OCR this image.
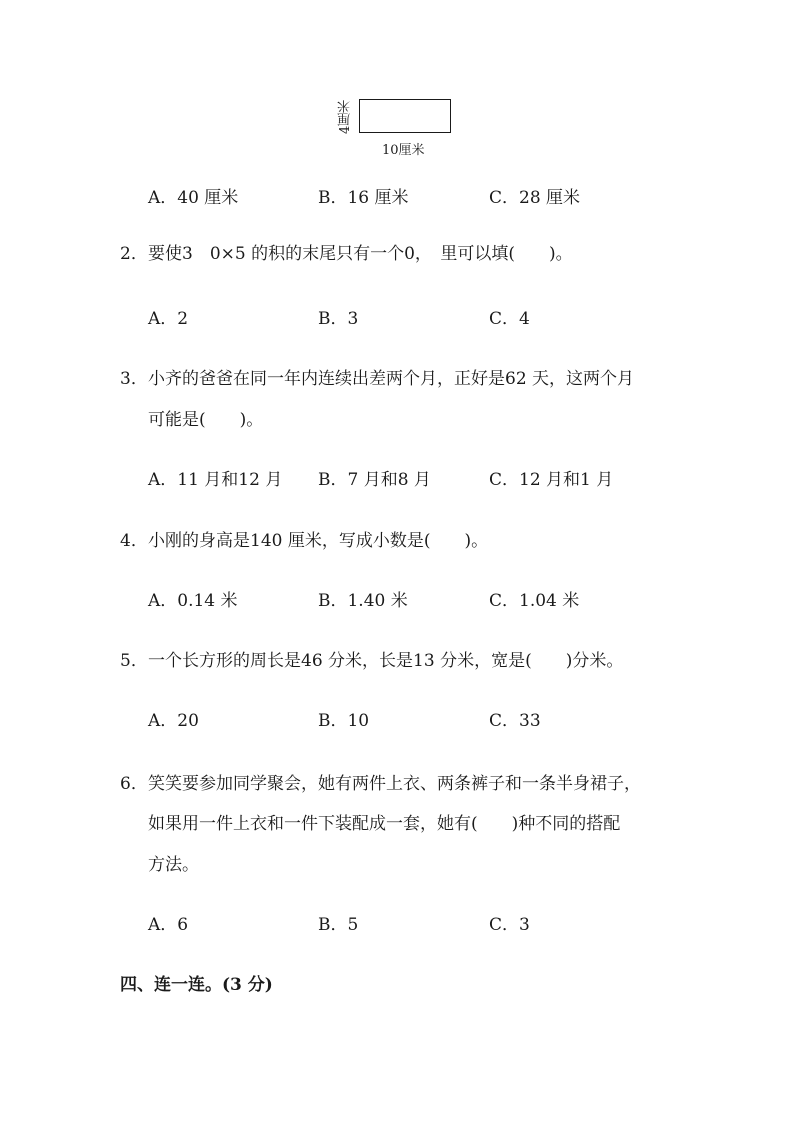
4厘米
10厘米
A．40 厘米	B．16 厘米	C．28 厘米
2． 要使3　0×5 的积的末尾只有一个0，　里可以填(　　)。
A．2	B．3	C．4
3． 小齐的爸爸在同一年内连续出差两个月，正好是62 天，这两个月
可能是(　　)。
A．11 月和12 月 B．7 月和8 月	C．12 月和1 月
4． 小刚的身高是140 厘米，写成小数是(　　)。
A．0.14 米	B．1.40 米	C．1.04 米
5． 一个长方形的周长是46 分米，长是13 分米，宽是(　　)分米。
A．20	B．10	C．33
6． 笑笑要参加同学聚会，她有两件上衣、两条裤子和一条半身裙子，
如果用一件上衣和一件下装配成一套，她有(　　)种不同的搭配
方法。
A．6	B．5	C．3
四、连一连。(3 分)
